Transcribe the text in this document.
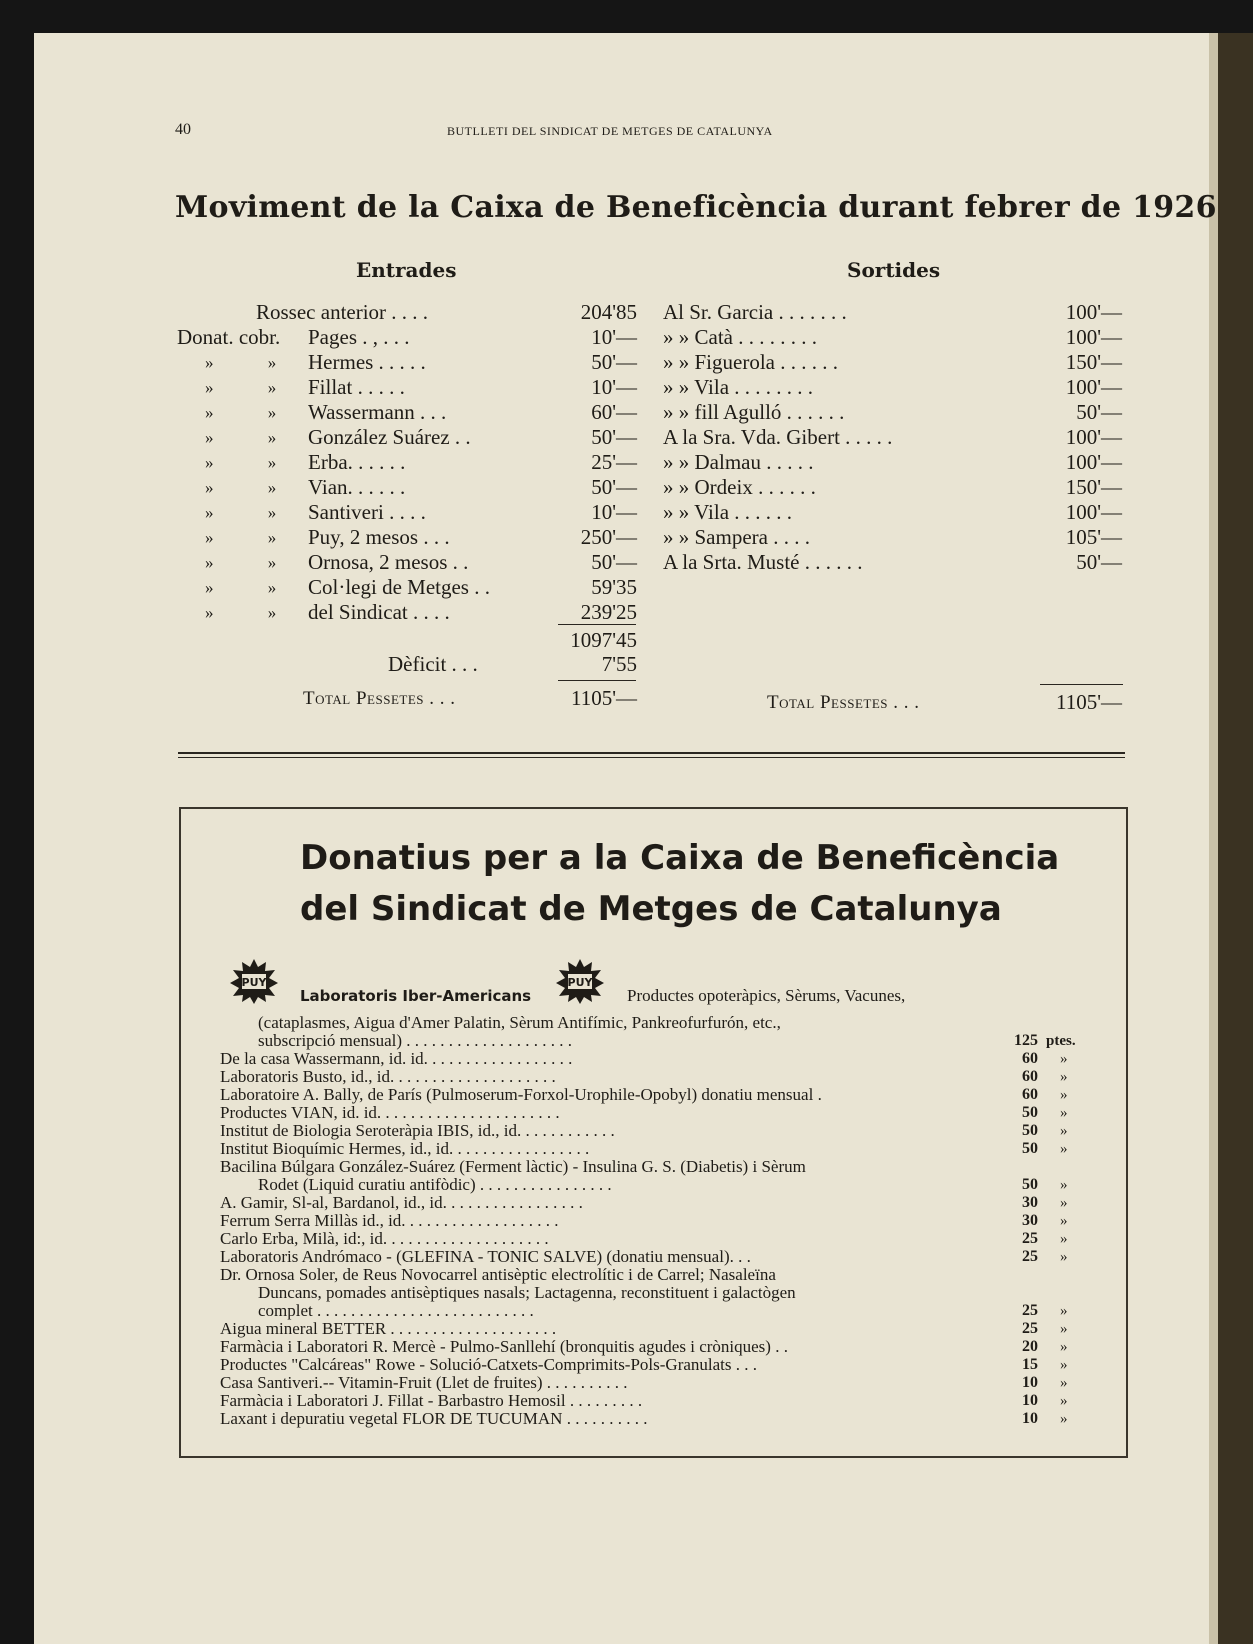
40	BUTLLETI DEL SINDICAT DE METGES DE CATALUNYA
Moviment de la Caixa de Beneficència durant febrer de 1926
Entrades	Sortides
Rossec anterior . . . .	204'85
Donat. cobr. Pages . , . . .	10'—
» » Hermes . . . . .	50'—
» » Fillat . . . . .	10'—
» » Wassermann . . .	60'—
» » González Suárez . .	50'—
» » Erba. . . . . .	25'—
» » Vian. . . . . .	50'—
» » Santiveri . . . .	10'—
» » Puy, 2 mesos . . .	250'—
» » Ornosa, 2 mesos . .	50'—
» » Col·legi de Metges . .	59'35
» » del Sindicat . . . .	239'25
Al Sr. Garcia . . . . . . .	100'—
» » Catà . . . . . . . .	100'—
» » Figuerola . . . . . .	150'—
» » Vila . . . . . . . .	100'—
» » fill Agulló . . . . . .	50'—
A la Sra. Vda. Gibert . . . . .	100'—
» » Dalmau . . . . .	100'—
» » Ordeix . . . . . .	150'—
» » Vila . . . . . .	100'—
» » Sampera . . . .	105'—
A la Srta. Musté . . . . . .	50'—
1097'45
Dèficit . . .	7'55
Total Pessetes . . .	1105'—	Total Pessetes . . .	1105'—
Donatius per a la Caixa de Beneficència
del Sindicat de Metges de Catalunya
PUY
Laboratoris Iber-Americans
PUY
Productes opoteràpics, Sèrums, Vacunes,
(cataplasmes, Aigua d'Amer Palatin, Sèrum Antifímic, Pankreofurfurón, etc.,
subscripció mensual) . . . . . . . . . . . . . . . . . . . .	125 ptes.
De la casa Wassermann, id. id. . . . . . . . . . . . . . . . . .	60 »
Laboratoris Busto, id., id. . . . . . . . . . . . . . . . . . . .	60 »
Laboratoire A. Bally, de París (Pulmoserum-Forxol-Urophile-Opobyl) donatiu mensual .	60 »
Productes VIAN, id. id. . . . . . . . . . . . . . . . . . . . . .	50 »
Institut de Biologia Seroteràpia IBIS, id., id. . . . . . . . . . . .	50 »
Institut Bioquímic Hermes, id., id. . . . . . . . . . . . . . . . .	50 »
Bacilina Búlgara González-Suárez (Ferment làctic) - Insulina G. S. (Diabetis) i Sèrum
Rodet (Liquid curatiu antifòdic) . . . . . . . . . . . . . . . .	50 »
A. Gamir, Sl-al, Bardanol, id., id. . . . . . . . . . . . . . . . .	30 »
Ferrum Serra Millàs id., id. . . . . . . . . . . . . . . . . . .	30 »
Carlo Erba, Milà, id:, id. . . . . . . . . . . . . . . . . . . .	25 »
Laboratoris Andrómaco - (GLEFINA - TONIC SALVE) (donatiu mensual). . .	25 »
Dr. Ornosa Soler, de Reus Novocarrel antisèptic electrolític i de Carrel; Nasaleïna
Duncans, pomades antisèptiques nasals; Lactagenna, reconstituent i galactògen
complet . . . . . . . . . . . . . . . . . . . . . . . . . .	25 »
Aigua mineral BETTER . . . . . . . . . . . . . . . . . . . .	25 »
Farmàcia i Laboratori R. Mercè - Pulmo-Sanllehí (bronquitis agudes i cròniques) . .	20 »
Productes "Calcáreas" Rowe - Solució-Catxets-Comprimits-Pols-Granulats . . .	15 »
Casa Santiveri.-- Vitamin-Fruit (Llet de fruites) . . . . . . . . . .	10 »
Farmàcia i Laboratori J. Fillat - Barbastro Hemosil . . . . . . . . .	10 »
Laxant i depuratiu vegetal FLOR DE TUCUMAN . . . . . . . . . .	10 »
